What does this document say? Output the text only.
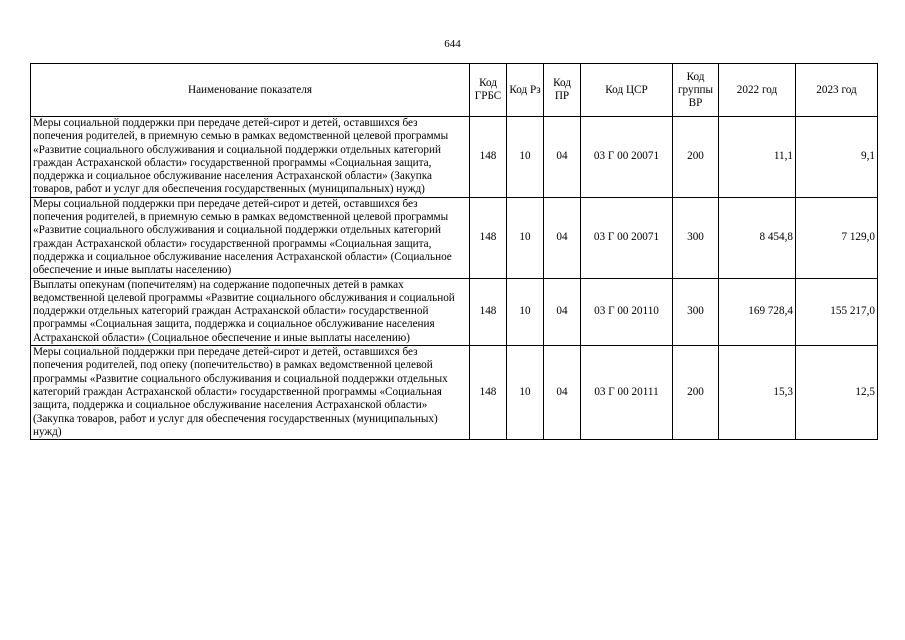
644
Наименование показателя	Код ГРБС	Код Рз	Код ПР	Код ЦСР	Код группы ВР	2022 год	2023 год
Меры социальной поддержки при передаче детей-сирот и детей, оставшихся без попечения родителей, в приемную семью в рамках ведомственной целевой программы «Развитие социального обслуживания и социальной поддержки отдельных категорий граждан Астраханской области» государственной программы «Социальная защита, поддержка и социальное обслуживание населения Астраханской области» (Закупка товаров, работ и услуг для обеспечения государственных (муниципальных) нужд)	148	10	04	03 Г 00 20071	200	11,1	9,1
Меры социальной поддержки при передаче детей-сирот и детей, оставшихся без попечения родителей, в приемную семью в рамках ведомственной целевой программы «Развитие социального обслуживания и социальной поддержки отдельных категорий граждан Астраханской области» государственной программы «Социальная защита, поддержка и социальное обслуживание населения Астраханской области» (Социальное обеспечение и иные выплаты населению)	148	10	04	03 Г 00 20071	300	8 454,8	7 129,0
Выплаты опекунам (попечителям) на содержание подопечных детей в рамках ведомственной целевой программы «Развитие социального обслуживания и социальной поддержки отдельных категорий граждан Астраханской области» государственной программы «Социальная защита, поддержка и социальное обслуживание населения Астраханской области» (Социальное обеспечение и иные выплаты населению)	148	10	04	03 Г 00 20110	300	169 728,4	155 217,0
Меры социальной поддержки при передаче детей-сирот и детей, оставшихся без попечения родителей, под опеку (попечительство) в рамках ведомственной целевой программы «Развитие социального обслуживания и социальной поддержки отдельных категорий граждан Астраханской области» государственной программы «Социальная защита, поддержка и социальное обслуживание населения Астраханской области» (Закупка товаров, работ и услуг для обеспечения государственных (муниципальных) нужд)	148	10	04	03 Г 00 20111	200	15,3	12,5
